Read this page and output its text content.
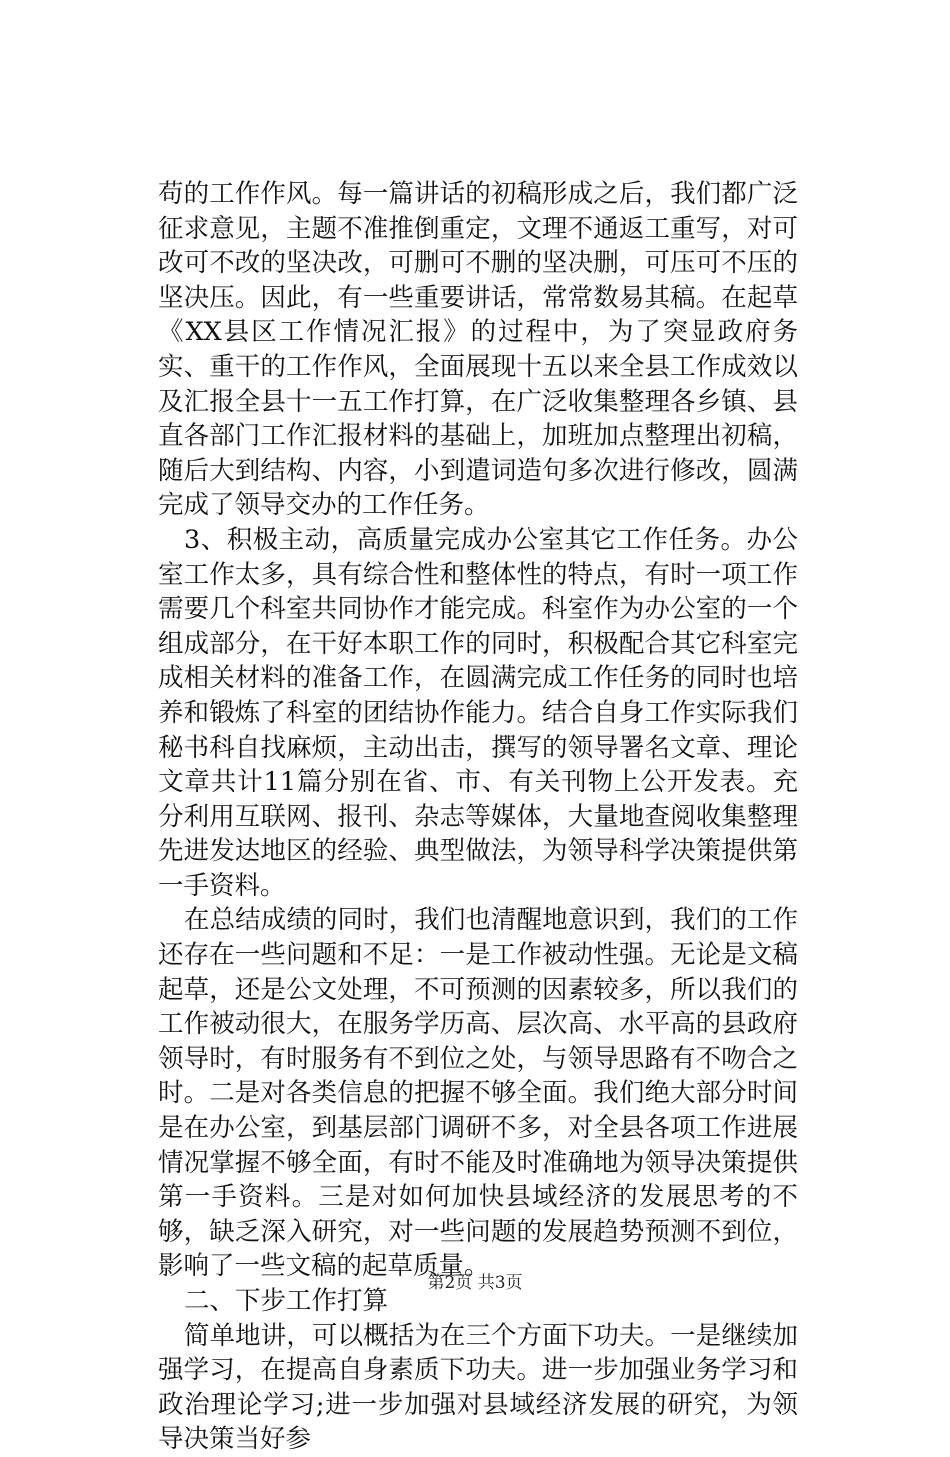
苟的工作作风。每一篇讲话的初稿形成之后，我们都广泛征求意见，主题不准推倒重定，文理不通返工重写，对可改可不改的坚决改，可删可不删的坚决删，可压可不压的坚决压。因此，有一些重要讲话，常常数易其稿。在起草《XX县区工作情况汇报》的过程中，为了突显政府务实、重干的工作作风，全面展现十五以来全县工作成效以及汇报全县十一五工作打算，在广泛收集整理各乡镇、县直各部门工作汇报材料的基础上，加班加点整理出初稿，随后大到结构、内容，小到遣词造句多次进行修改，圆满完成了领导交办的工作任务。

3、积极主动，高质量完成办公室其它工作任务。办公室工作太多，具有综合性和整体性的特点，有时一项工作需要几个科室共同协作才能完成。科室作为办公室的一个组成部分，在干好本职工作的同时，积极配合其它科室完成相关材料的准备工作，在圆满完成工作任务的同时也培养和锻炼了科室的团结协作能力。结合自身工作实际我们秘书科自找麻烦，主动出击，撰写的领导署名文章、理论文章共计11篇分别在省、市、有关刊物上公开发表。充分利用互联网、报刊、杂志等媒体，大量地查阅收集整理先进发达地区的经验、典型做法，为领导科学决策提供第一手资料。

在总结成绩的同时，我们也清醒地意识到，我们的工作还存在一些问题和不足：一是工作被动性强。无论是文稿起草，还是公文处理，不可预测的因素较多，所以我们的工作被动很大，在服务学历高、层次高、水平高的县政府领导时，有时服务有不到位之处，与领导思路有不吻合之时。二是对各类信息的把握不够全面。我们绝大部分时间是在办公室，到基层部门调研不多，对全县各项工作进展情况掌握不够全面，有时不能及时准确地为领导决策提供第一手资料。三是对如何加快县域经济的发展思考的不够，缺乏深入研究，对一些问题的发展趋势预测不到位，影响了一些文稿的起草质量。

二、下步工作打算

简单地讲，可以概括为在三个方面下功夫。一是继续加强学习，在提高自身素质下功夫。进一步加强业务学习和政治理论学习;进一步加强对县域经济发展的研究，为领导决策当好参

第2页 共3页
